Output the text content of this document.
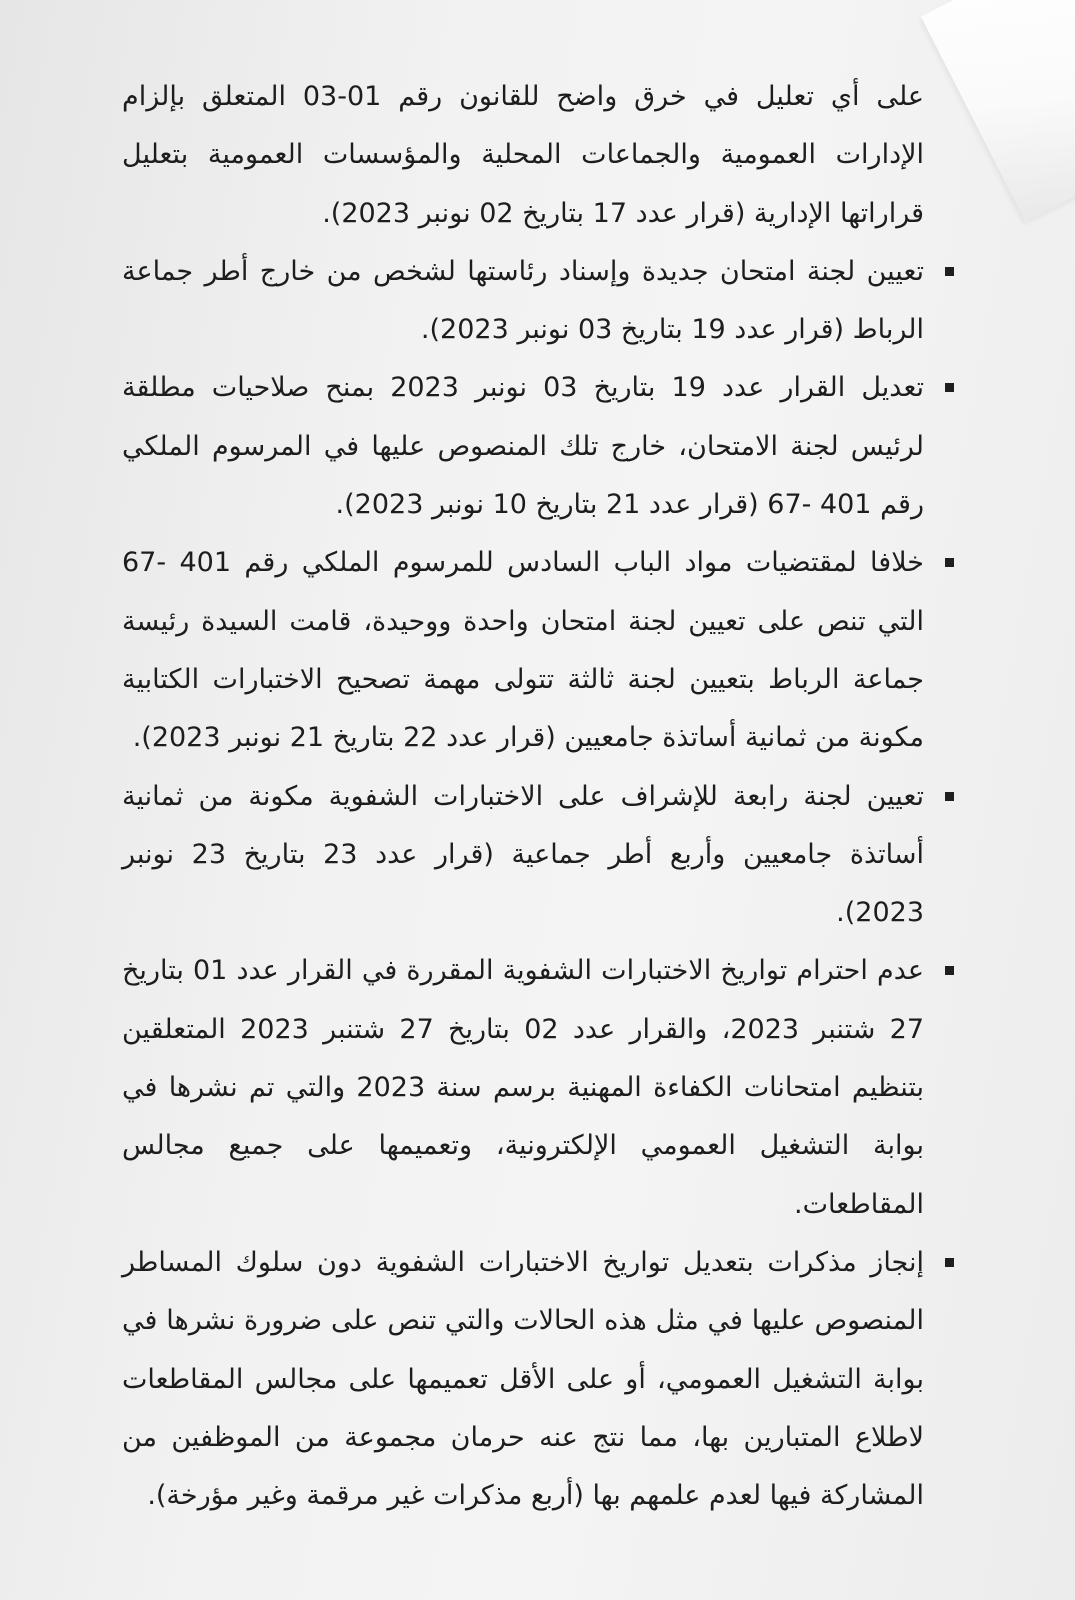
على أي تعليل في خرق واضح للقانون رقم 01-03 المتعلق بإلزام الإدارات العمومية والجماعات المحلية والمؤسسات العمومية بتعليل قراراتها الإدارية (قرار عدد 17 بتاريخ 02 نونبر 2023).

تعيين لجنة امتحان جديدة وإسناد رئاستها لشخص من خارج أطر جماعة الرباط (قرار عدد 19 بتاريخ 03 نونبر 2023).
تعديل القرار عدد 19 بتاريخ 03 نونبر 2023 بمنح صلاحيات مطلقة لرئيس لجنة الامتحان، خارج تلك المنصوص عليها في المرسوم الملكي رقم 401 -67 (قرار عدد 21 بتاريخ 10 نونبر 2023).
خلافا لمقتضيات مواد الباب السادس للمرسوم الملكي رقم 401 -67 التي تنص على تعيين لجنة امتحان واحدة ووحيدة، قامت السيدة رئيسة جماعة الرباط بتعيين لجنة ثالثة تتولى مهمة تصحيح الاختبارات الكتابية مكونة من ثمانية أساتذة جامعيين (قرار عدد 22 بتاريخ 21 نونبر 2023).
تعيين لجنة رابعة للإشراف على الاختبارات الشفوية مكونة من ثمانية أساتذة جامعيين وأربع أطر جماعية (قرار عدد 23 بتاريخ 23 نونبر 2023).
عدم احترام تواريخ الاختبارات الشفوية المقررة في القرار عدد 01 بتاريخ 27 شتنبر 2023، والقرار عدد 02 بتاريخ 27 شتنبر 2023 المتعلقين بتنظيم امتحانات الكفاءة المهنية برسم سنة 2023 والتي تم نشرها في بوابة التشغيل العمومي الإلكترونية، وتعميمها على جميع مجالس المقاطعات.
إنجاز مذكرات بتعديل تواريخ الاختبارات الشفوية دون سلوك المساطر المنصوص عليها في مثل هذه الحالات والتي تنص على ضرورة نشرها في بوابة التشغيل العمومي، أو على الأقل تعميمها على مجالس المقاطعات لاطلاع المتبارين بها، مما نتج عنه حرمان مجموعة من الموظفين من المشاركة فيها لعدم علمهم بها (أربع مذكرات غير مرقمة وغير مؤرخة).
